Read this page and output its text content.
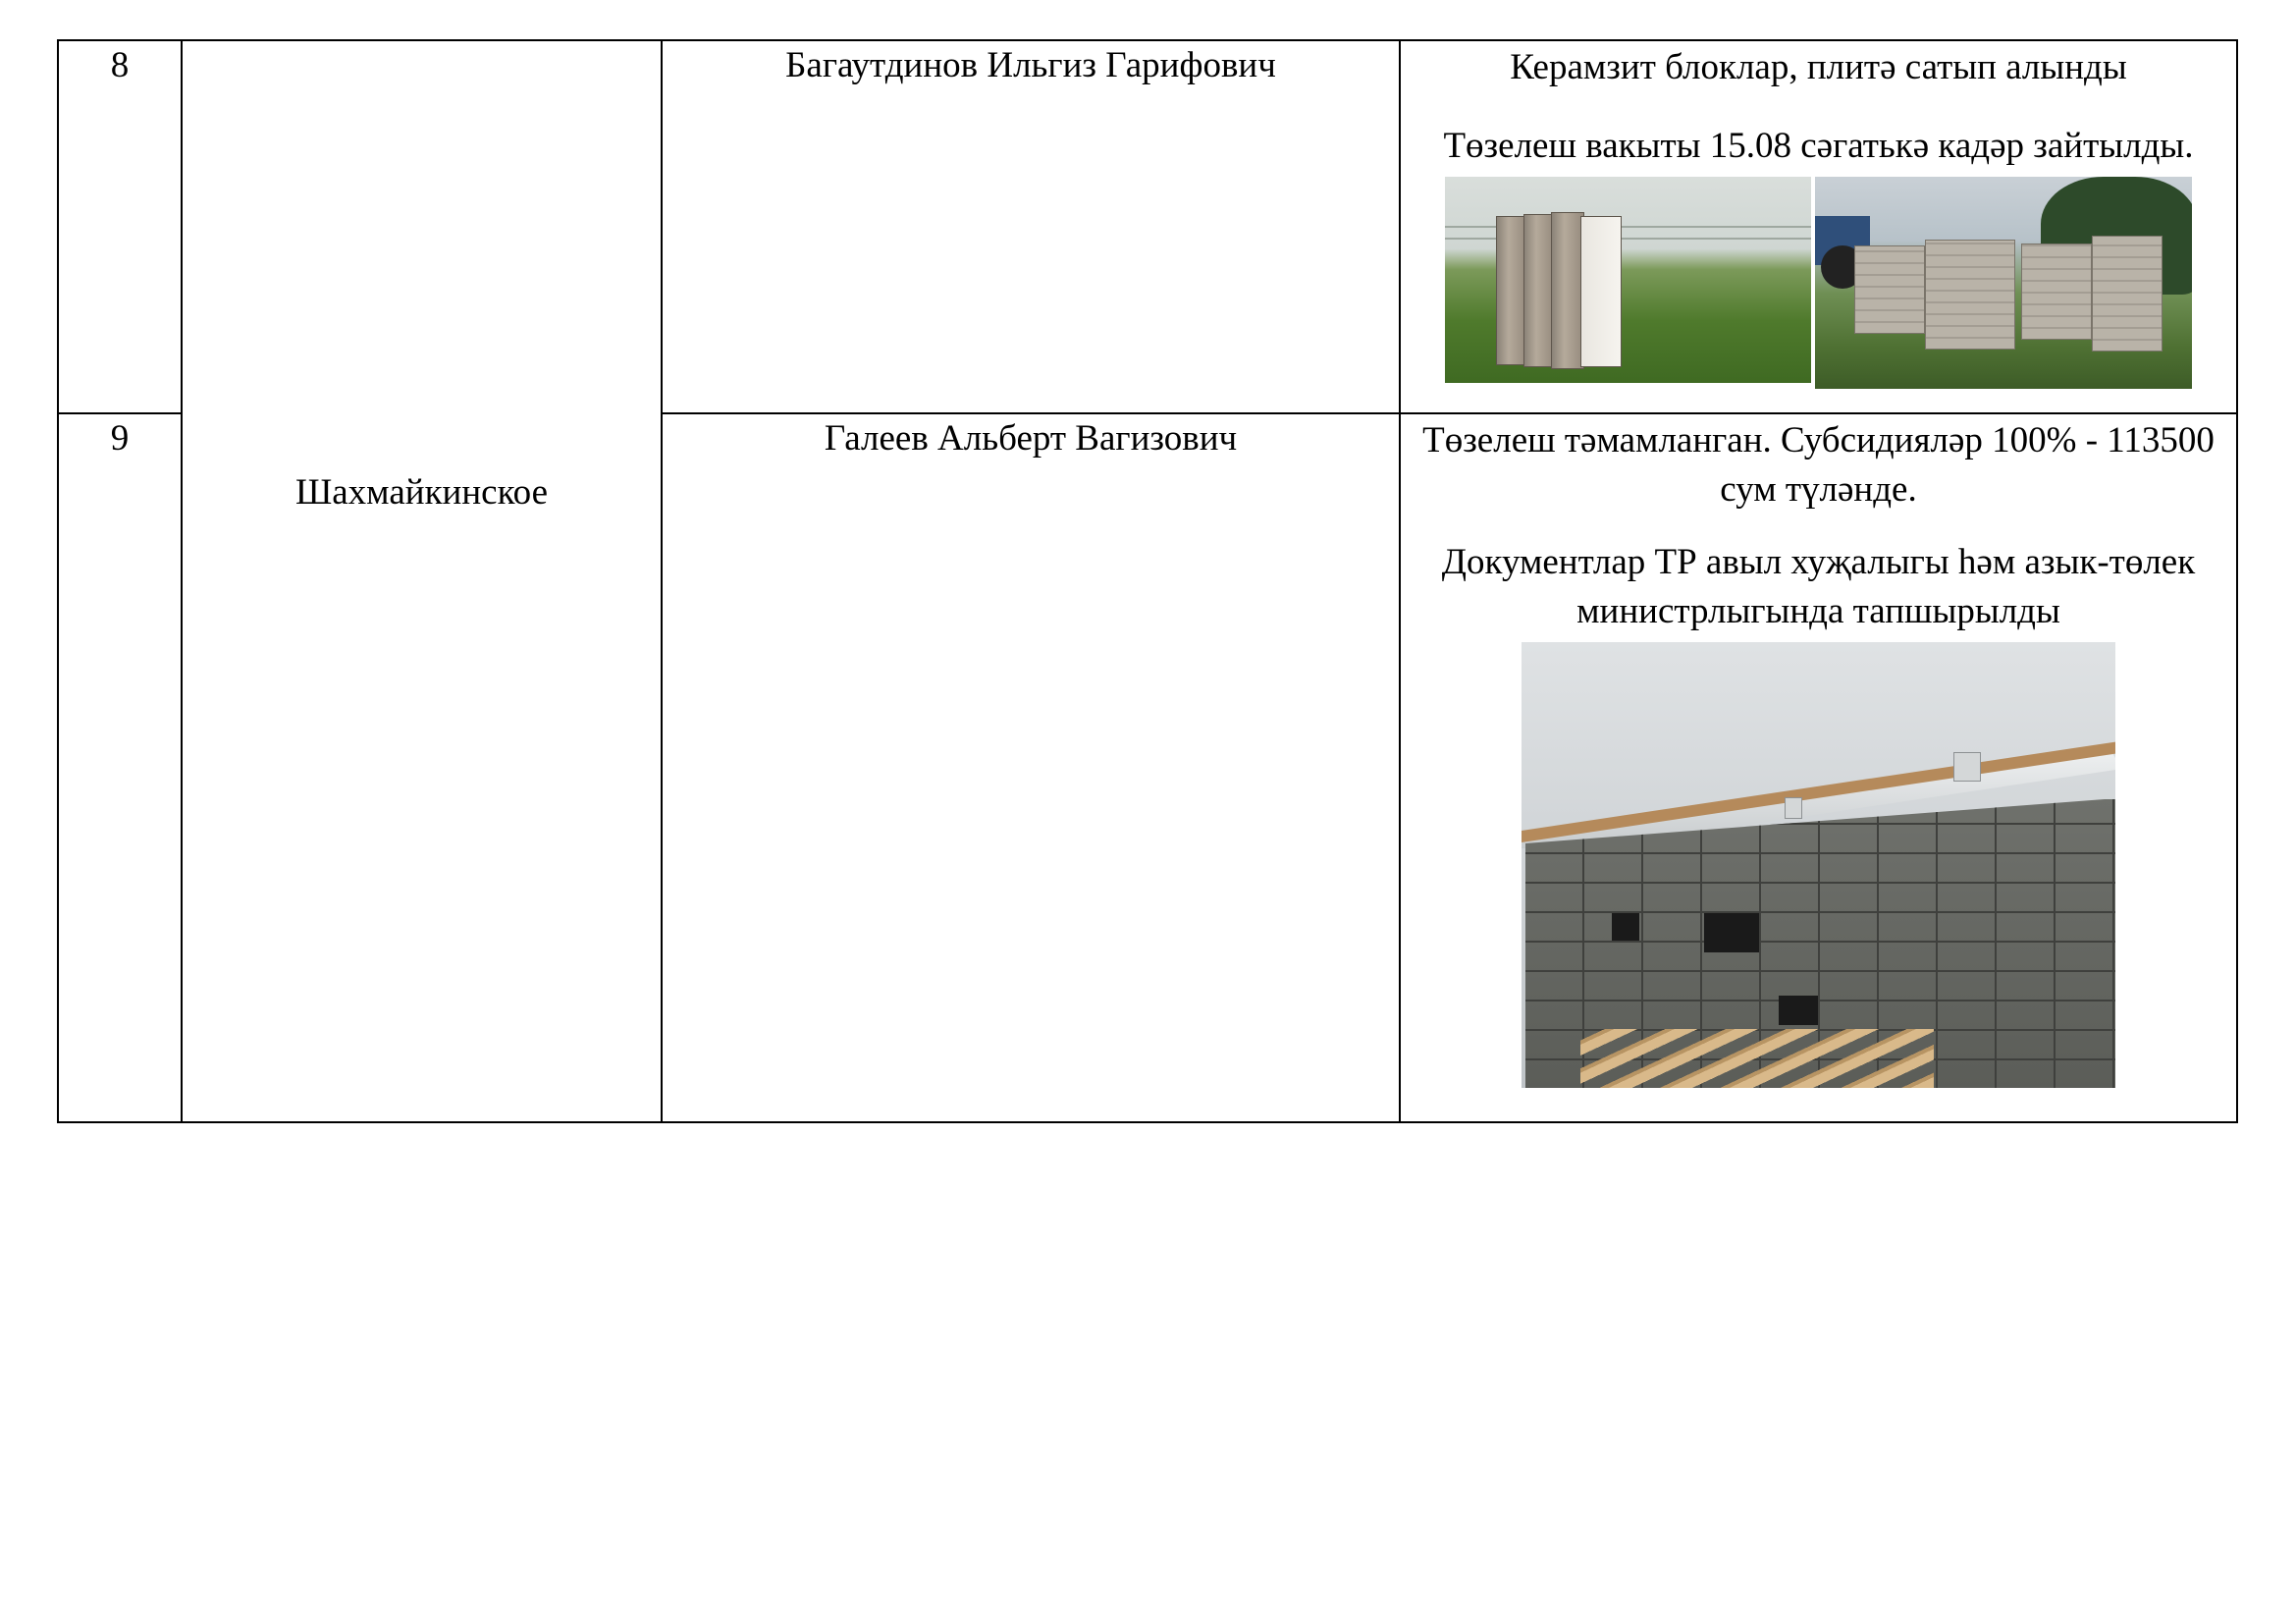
8	Шахмайкинское	Багаутдинов Ильгиз Гарифович	Керамзит блоклар, плитә сатып алынды

Төзелеш вакыты 15.08 сәгатькә кадәр зайтылды.

9		Галеев Альберт Вагизович	Төзелеш тәмамланган. Субсидияләр 100% - 113500 сум түләнде.

Документлар ТР авыл хуҗалыгы һәм азык-төлек министрлыгында тапшырылды
